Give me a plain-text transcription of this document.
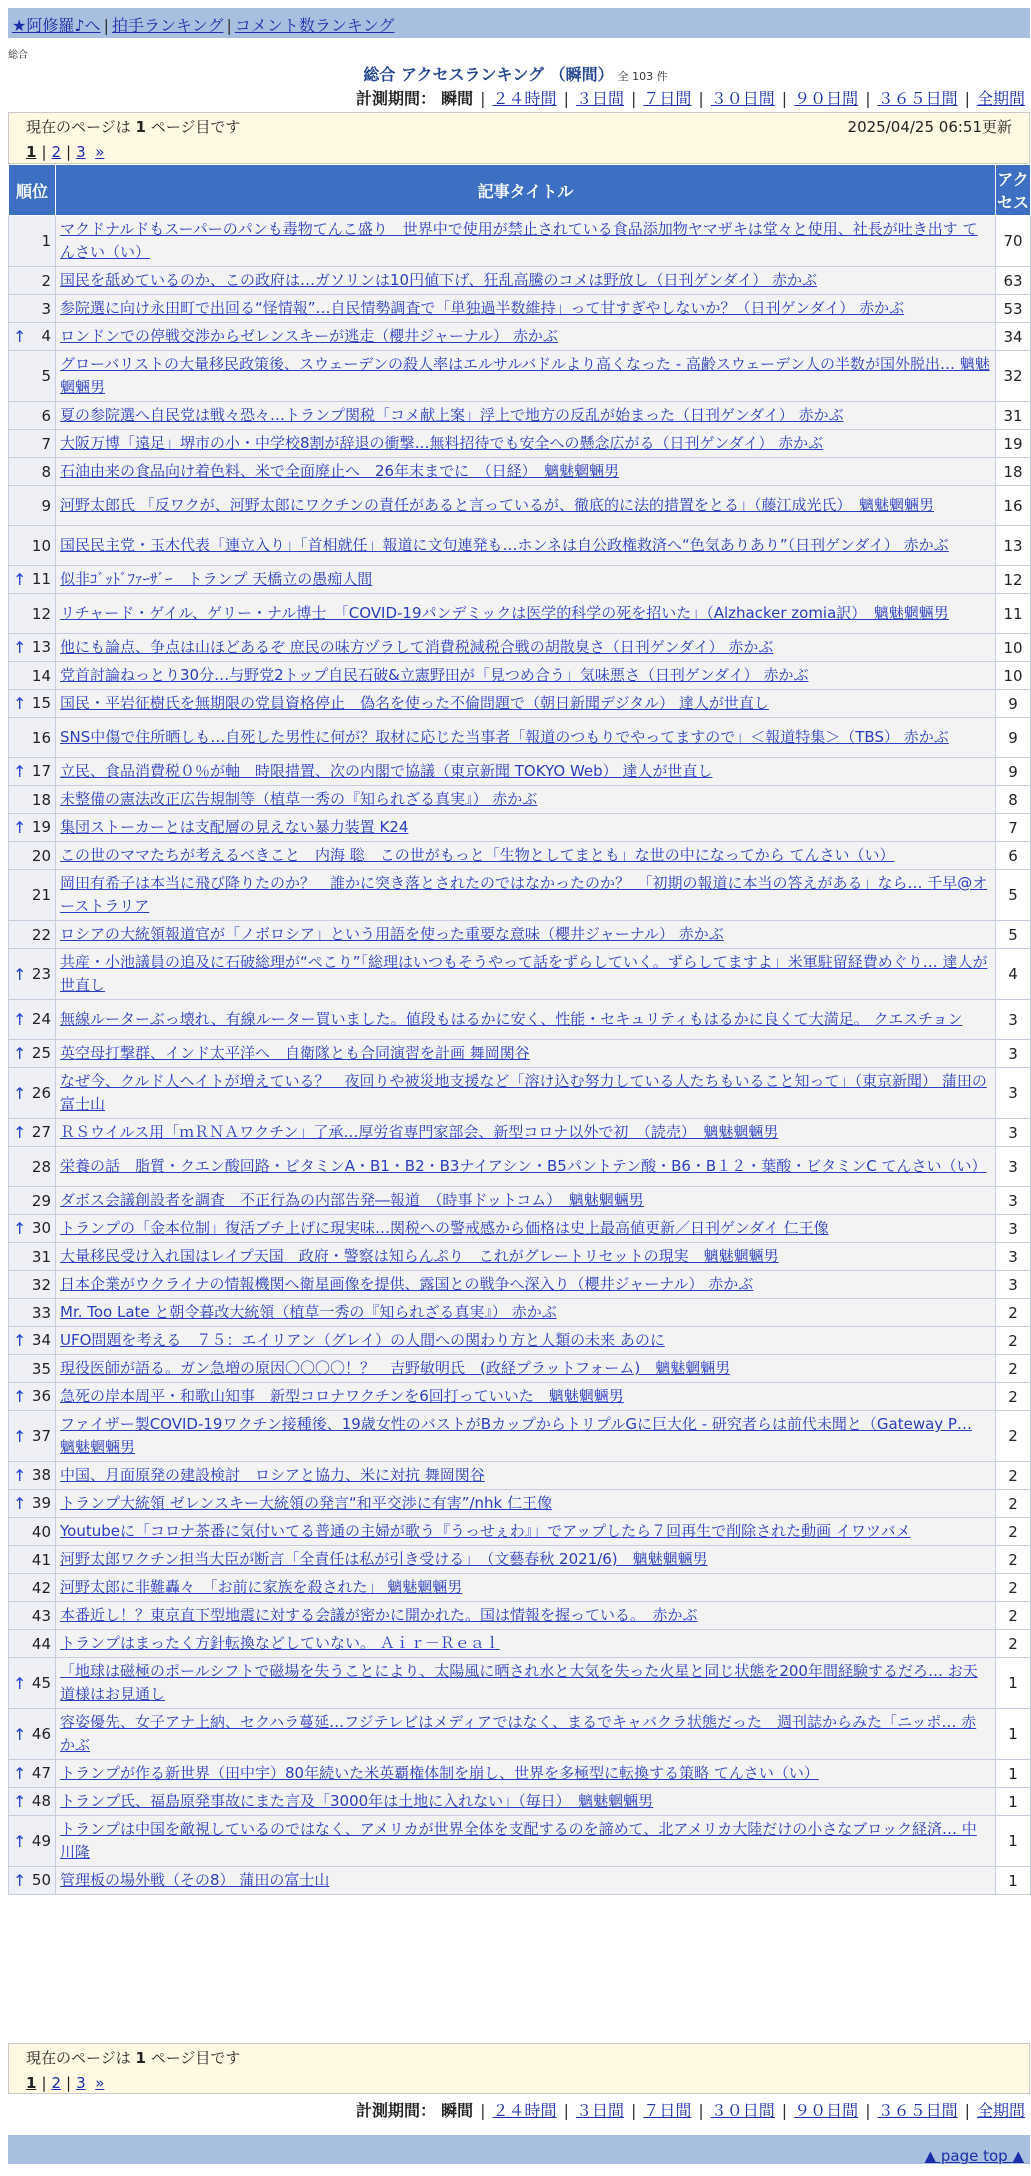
★阿修羅♪へ | 拍手ランキング | コメント数ランキング
総合
総合 アクセスランキング （瞬間） 全 103 件
計測期間： 瞬間 | ２４時間 | ３日間 | ７日間 | ３０日間 | ９０日間 | ３６５日間 | 全期間
現在のページは 1 ページ目です	2025/04/25 06:51更新
1 | 2 | 3 »
順位	記事タイトル	アクセス
1	マクドナルドもスーパーのパンも毒物てんこ盛り　世界中で使用が禁止されている食品添加物ヤマザキは堂々と使用、社長が吐き出す てんさい（い）	70
2	国民を舐めているのか、この政府は…ガソリンは10円値下げ、狂乱高騰のコメは野放し（日刊ゲンダイ） 赤かぶ	63
3	参院選に向け永田町で出回る“怪情報”…自民情勢調査で「単独過半数維持」って甘すぎやしないか？（日刊ゲンダイ） 赤かぶ	53

↑ 4	ロンドンでの停戦交渉からゼレンスキーが逃走（櫻井ジャーナル） 赤かぶ	34
5	グローバリストの大量移民政策後、スウェーデンの殺人率はエルサルバドルより高くなった - 高齢スウェーデン人の半数が国外脱出… 魑魅魍魎男	32
6	夏の参院選へ自民党は戦々恐々…トランプ関税「コメ献上案」浮上で地方の反乱が始まった（日刊ゲンダイ） 赤かぶ	31
7	大阪万博「遠足」堺市の小・中学校8割が辞退の衝撃…無料招待でも安全への懸念広がる（日刊ゲンダイ） 赤かぶ	19
8	石油由来の食品向け着色料、米で全面廃止へ　26年末までに　（日経）　魑魅魍魎男	18
9	河野太郎氏 「反ワクが、河野太郎にワクチンの責任があると言っているが、徹底的に法的措置をとる」（藤江成光氏）　魑魅魍魎男	16
10	国民民主党・玉木代表「連立入り」「首相就任」報道に文句連発も…ホンネは自公政権救済へ“色気ありあり”（日刊ゲンダイ） 赤かぶ	13

↑ 11	似非ｺﾞｯﾄﾞﾌｧｰｻﾞｰ　トランプ 天橋立の愚痴人間	12
12	リチャード・ゲイル、ゲリー・ナル博士　「COVID-19パンデミックは医学的科学の死を招いた」（Alzhacker zomia訳）　魑魅魍魎男	11

↑ 13	他にも論点、争点は山ほどあるぞ 庶民の味方ヅラして消費税減税合戦の胡散臭さ（日刊ゲンダイ） 赤かぶ	10
14	党首討論ねっとり30分…与野党2トップ自民石破&立憲野田が「見つめ合う」気味悪さ（日刊ゲンダイ） 赤かぶ	10

↑ 15	国民・平岩征樹氏を無期限の党員資格停止　偽名を使った不倫問題で（朝日新聞デジタル） 達人が世直し	9
16	SNS中傷で住所晒しも…自死した男性に何が？取材に応じた当事者「報道のつもりでやってますので」＜報道特集＞（TBS） 赤かぶ	9

↑ 17	立民、食品消費税０％が軸　時限措置、次の内閣で協議（東京新聞 TOKYO Web） 達人が世直し	9
18	未整備の憲法改正広告規制等（植草一秀の『知られざる真実』） 赤かぶ	8

↑ 19	集団ストーカーとは支配層の見えない暴力装置 K24	7
20	この世のママたちが考えるべきこと　内海 聡　この世がもっと「生物としてまとも」な世の中になってから てんさい（い）	6
21	岡田有希子は本当に飛び降りたのか？　誰かに突き落とされたのではなかったのか？　「初期の報道に本当の答えがある」なら… 千早@オーストラリア	5
22	ロシアの大統領報道官が「ノボロシア」という用語を使った重要な意味（櫻井ジャーナル） 赤かぶ	5

↑ 23	共産・小池議員の追及に石破総理が“ぺこり”「総理はいつもそうやって話をずらしていく。ずらしてますよ」米軍駐留経費めぐり… 達人が世直し	4

↑ 24	無線ルーターぶっ壊れ、有線ルーター買いました。値段もはるかに安く、性能・セキュリティもはるかに良くて大満足。 クエスチョン	3

↑ 25	英空母打撃群、インド太平洋へ　自衛隊とも合同演習を計画 舞岡関谷	3

↑ 26	なぜ今、クルド人ヘイトが増えている？　夜回りや被災地支援など「溶け込む努力している人たちもいること知って」（東京新聞） 蒲田の富士山	3

↑ 27	ＲＳウイルス用「ｍＲＮＡワクチン」了承…厚労省専門家部会、新型コロナ以外で初　（読売）　魑魅魍魎男	3
28	栄養の話　脂質・クエン酸回路・ビタミンA・B1・B2・B3ナイアシン・B5パントテン酸・B6・B１２・葉酸・ビタミンC てんさい（い）	3
29	ダボス会議創設者を調査　不正行為の内部告発―報道　（時事ドットコム）　魑魅魍魎男	3

↑ 30	トランプの「金本位制」復活ブチ上げに現実味…関税への警戒感から価格は史上最高値更新／日刊ゲンダイ 仁王像	3
31	大量移民受け入れ国はレイプ天国　政府・警察は知らんぷり　これがグレートリセットの現実　魑魅魍魎男	3
32	日本企業がウクライナの情報機関へ衛星画像を提供、露国との戦争へ深入り（櫻井ジャーナル） 赤かぶ	3
33	Mr. Too Late と朝令暮改大統領（植草一秀の『知られざる真実』） 赤かぶ	2

↑ 34	UFO問題を考える　７５：エイリアン（グレイ）の人間への関わり方と人類の未来 あのに	2
35	現役医師が語る。ガン急増の原因〇〇〇〇！？　吉野敏明氏　(政経プラットフォーム)　魑魅魍魎男	2

↑ 36	急死の岸本周平・和歌山知事　新型コロナワクチンを6回打っていいた　魑魅魍魎男	2

↑ 37	ファイザー製COVID-19ワクチン接種後、19歳女性のバストがBカップからトリプルGに巨大化 - 研究者らは前代未聞と（Gateway P… 魑魅魍魎男	2

↑ 38	中国、月面原発の建設検討　ロシアと協力、米に対抗 舞岡関谷	2

↑ 39	トランプ大統領 ゼレンスキー大統領の発言“和平交渉に有害”/nhk 仁王像	2
40	Youtubeに「コロナ茶番に気付いてる普通の主婦が歌う『うっせぇわ』」でアップしたら７回再生で削除された動画 イワツバメ	2
41	河野太郎ワクチン担当大臣が断言「全責任は私が引き受ける」　（文藝春秋 2021/6)　魑魅魍魎男	2
42	河野太郎に非難轟々　「お前に家族を殺された」 魑魅魍魎男	2
43	本番近し！？東京直下型地震に対する会議が密かに開かれた。国は情報を握っている。　赤かぶ	2
44	トランプはまったく方針転換などしていない。 Ａｉｒ－Ｒｅａｌ	2

↑ 45	「地球は磁極のポールシフトで磁場を失うことにより、太陽風に晒され水と大気を失った火星と同じ状態を200年間経験するだろ… お天道様はお見通し	1

↑ 46	容姿優先、女子アナ上納、セクハラ蔓延…フジテレビはメディアではなく、まるでキャバクラ状態だった　週刊誌からみた「ニッポ… 赤かぶ	1

↑ 47	トランプが作る新世界（田中宇）80年続いた米英覇権体制を崩し、世界を多極型に転換する策略 てんさい（い）	1

↑ 48	トランプ氏、福島原発事故にまた言及「3000年は土地に入れない」（毎日）　魑魅魍魎男	1

↑ 49	トランプは中国を敵視しているのではなく、アメリカが世界全体を支配するのを諦めて、北アメリカ大陸だけの小さなブロック経済… 中川隆	1

↑ 50	管理板の場外戦（その8） 蒲田の富士山	1
現在のページは 1 ページ目です
1 | 2 | 3 »
計測期間： 瞬間 | ２４時間 | ３日間 | ７日間 | ３０日間 | ９０日間 | ３６５日間 | 全期間
▲ page top ▲
